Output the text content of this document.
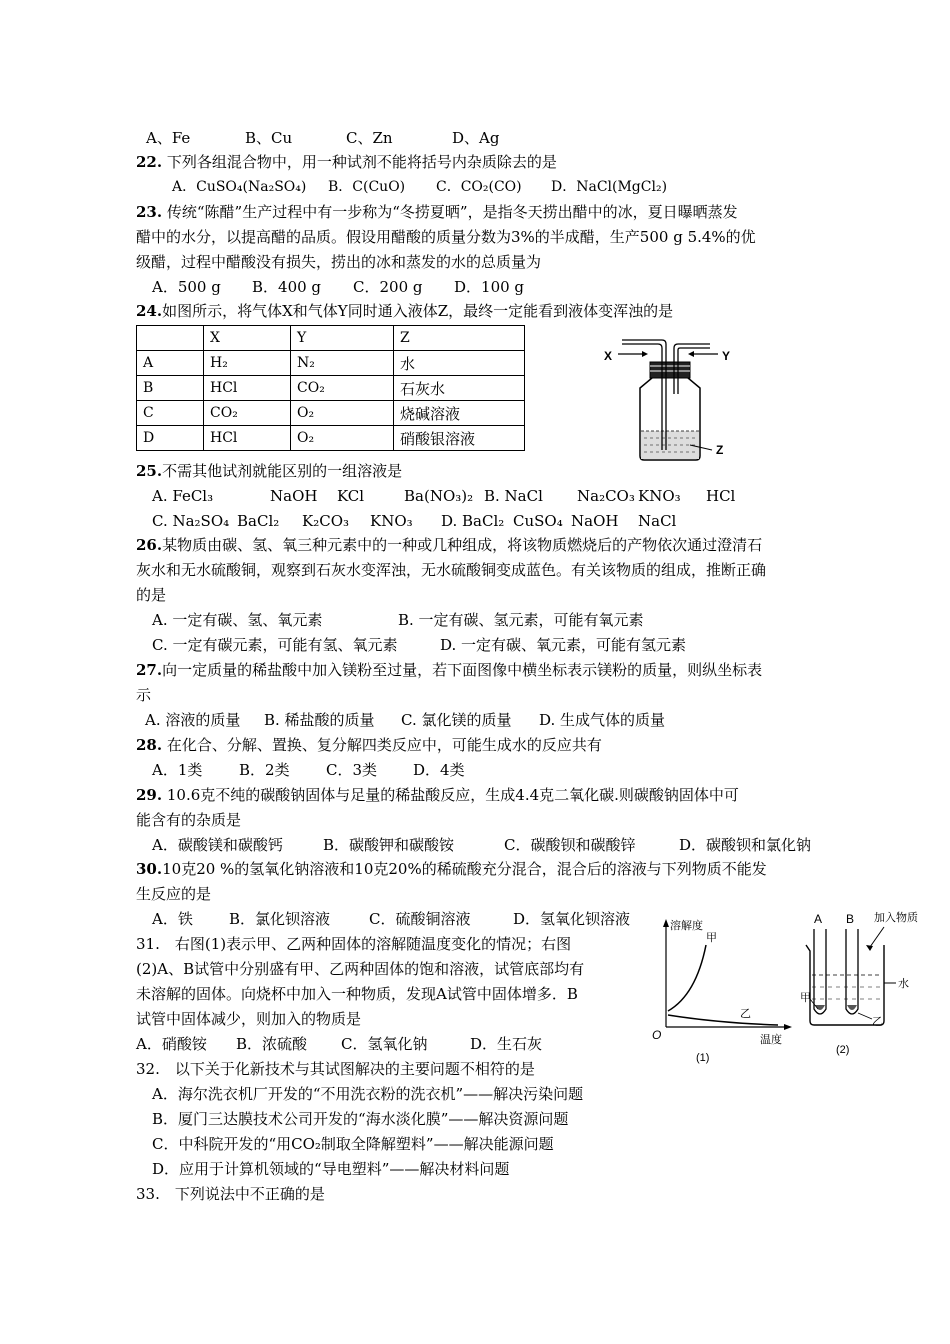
A、Fe	B、Cu	C、Zn	D、Ag
22. 下列各组混合物中，用一种试剂不能将括号内杂质除去的是
A．CuSO₄(Na₂SO₄) B．C(CuO) C．CO₂(CO) D．NaCl(MgCl₂)
23. 传统“陈醋”生产过程中有一步称为“冬捞夏晒”，是指冬天捞出醋中的冰，夏日曝晒蒸发
醋中的水分，以提高醋的品质。假设用醋酸的质量分数为3%的半成醋，生产500 g 5.4%的优
级醋，过程中醋酸没有损失，捞出的冰和蒸发的水的总质量为
A．500 g B．400 g C．200 g D．100 g
24.如图所示，将气体X和气体Y同时通入液体Z，最终一定能看到液体变浑浊的是
	X	Y	Z
A	H₂	N₂	水
B	HCl	CO₂	石灰水
C	CO₂	O₂	烧碱溶液
D	HCl	O₂	硝酸银溶液
X	Y
Z
25.不需其他试剂就能区别的一组溶液是
A. FeCl₃	NaOH KCl	Ba(NO₃)₂ B. NaCl Na₂CO₃ KNO₃ HCl
C. Na₂SO₄ BaCl₂ K₂CO₃ KNO₃ D. BaCl₂ CuSO₄ NaOH NaCl
26.某物质由碳、氢、氧三种元素中的一种或几种组成，将该物质燃烧后的产物依次通过澄清石
灰水和无水硫酸铜，观察到石灰水变浑浊，无水硫酸铜变成蓝色。有关该物质的组成，推断正确
的是
A. 一定有碳、氢、氧元素	B. 一定有碳、氢元素，可能有氧元素
C. 一定有碳元素，可能有氢、氧元素	D. 一定有碳、氧元素，可能有氢元素
27.向一定质量的稀盐酸中加入镁粉至过量，若下面图像中横坐标表示镁粉的质量，则纵坐标表
示
A. 溶液的质量 B. 稀盐酸的质量 C. 氯化镁的质量 D. 生成气体的质量
28. 在化合、分解、置换、复分解四类反应中，可能生成水的反应共有
A．1类 B．2类 C．3类 D．4类
29. 10.6克不纯的碳酸钠固体与足量的稀盐酸反应，生成4.4克二氧化碳.则碳酸钠固体中可
能含有的杂质是
A．碳酸镁和碳酸钙	B．碳酸钾和碳酸铵	C．碳酸钡和碳酸锌	D．碳酸钡和氯化钠
30.10克20 %的氢氧化钠溶液和10克20%的稀硫酸充分混合，混合后的溶液与下列物质不能发
生反应的是
A．铁 B．氯化钡溶液	C．硫酸铜溶液	D．氢氧化钡溶液
31.　右图(1)表示甲、乙两种固体的溶解随温度变化的情况；右图
(2)A、B试管中分别盛有甲、乙两种固体的饱和溶液，试管底部均有
未溶解的固体。向烧杯中加入一种物质，发现A试管中固体增多．B
试管中固体减少，则加入的物质是
A．硝酸铵 B．浓硫酸 C．氢氧化钠	D．生石灰
溶解度
温度
O
甲
乙
(1)
A B 加入物质
水
甲
乙
(2)
32.　以下关于化新技术与其试图解决的主要问题不相符的是
A．海尔洗衣机厂开发的“不用洗衣粉的洗衣机”——解决污染问题
B．厦门三达膜技术公司开发的“海水淡化膜”——解决资源问题
C．中科院开发的“用CO₂制取全降解塑料”——解决能源问题
D．应用于计算机领域的“导电塑料”——解决材料问题
33.　下列说法中不正确的是
